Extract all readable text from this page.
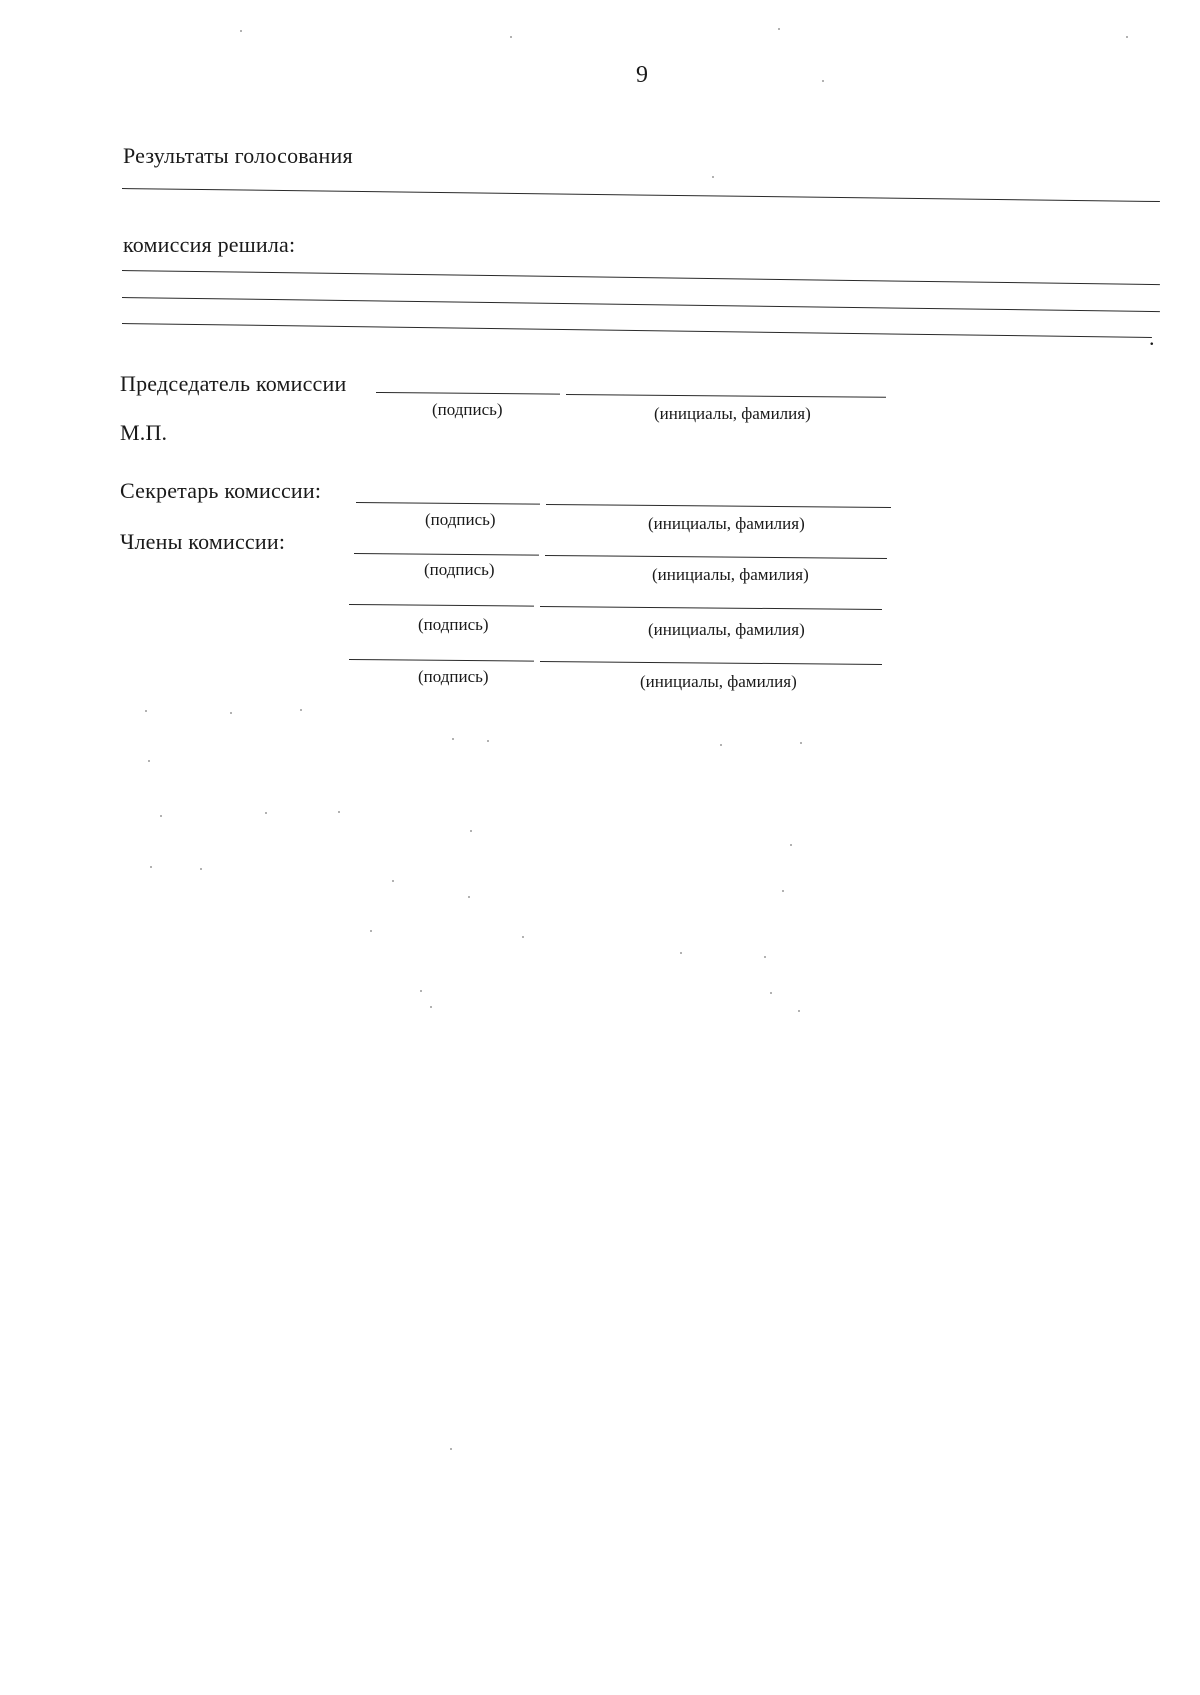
9
Результаты голосования
комиссия решила:
.
Председатель комиссии
(подпись)	(инициалы, фамилия)
М.П.
Секретарь комиссии:
(подпись)	(инициалы, фамилия)
Члены комиссии:
(подпись)	(инициалы, фамилия)
(подпись)	(инициалы, фамилия)
(подпись)	(инициалы, фамилия)
